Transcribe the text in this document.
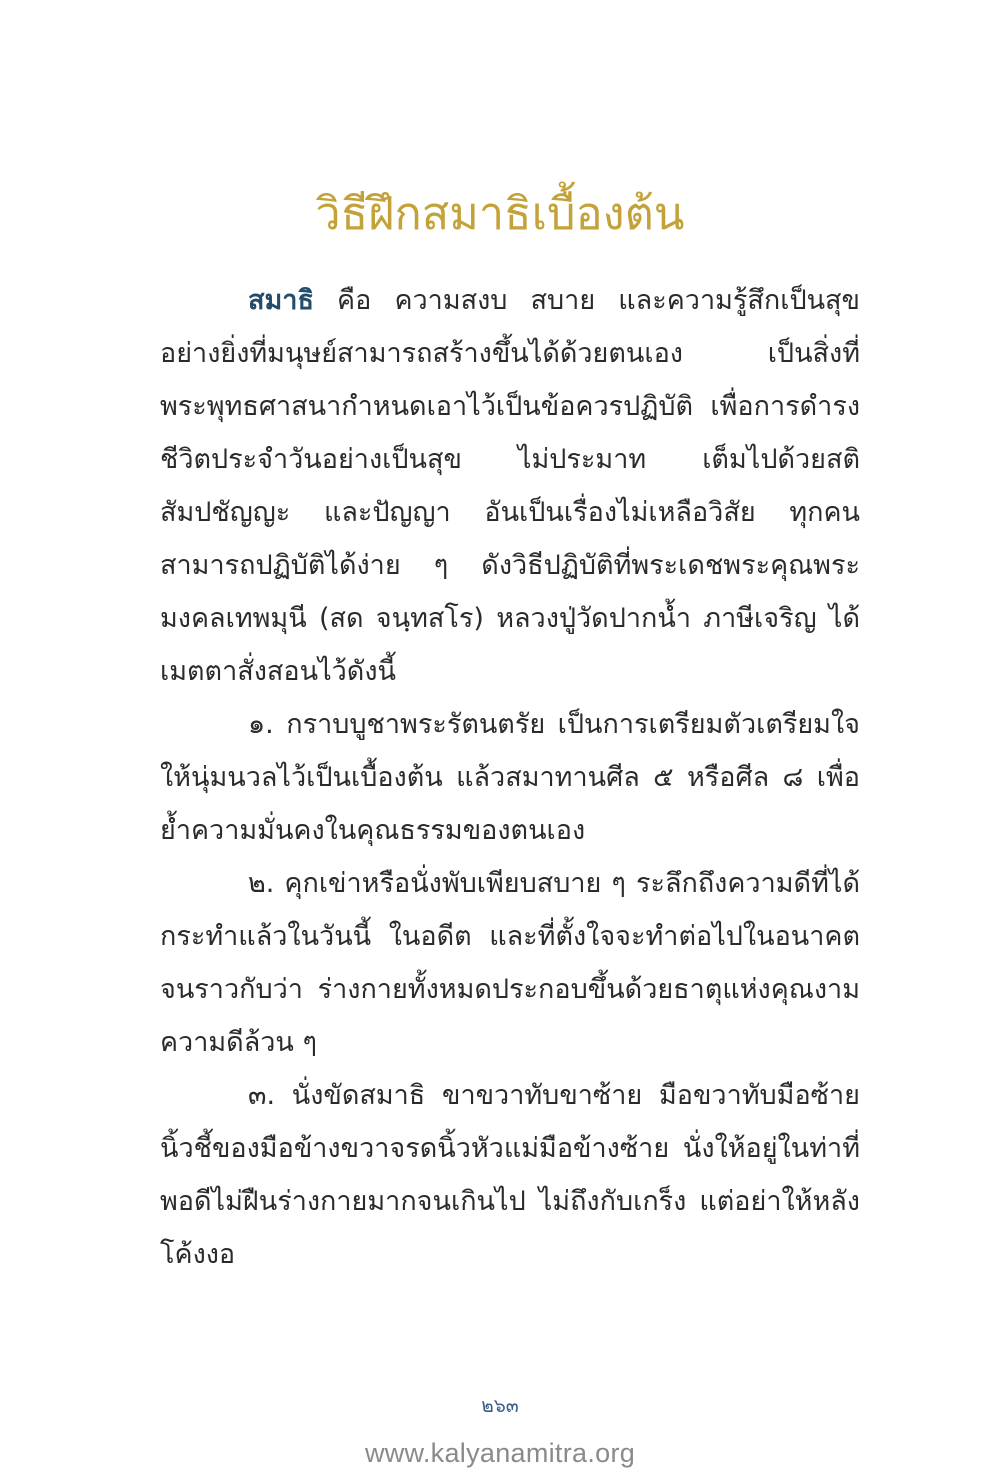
วิธีฝึกสมาธิเบื้องต้น

สมาธิ คือ ความสงบ สบาย และความรู้สึกเป็นสุขอย่างยิ่งที่มนุษย์สามารถสร้างขึ้นได้ด้วยตนเอง เป็นสิ่งที่พระพุทธศาสนากำหนดเอาไว้เป็นข้อควรปฏิบัติ เพื่อการดำรงชีวิตประจำวันอย่างเป็นสุข ไม่ประมาท เต็มไปด้วยสติ สัมปชัญญะ และปัญญา อันเป็นเรื่องไม่เหลือวิสัย ทุกคนสามารถปฏิบัติได้ง่าย ๆ ดังวิธีปฏิบัติที่พระเดชพระคุณพระมงคลเทพมุนี (สด จนฺทสโร) หลวงปู่วัดปากน้ำ ภาษีเจริญ ได้เมตตาสั่งสอนไว้ดังนี้

๑. กราบบูชาพระรัตนตรัย เป็นการเตรียมตัวเตรียมใจให้นุ่มนวลไว้เป็นเบื้องต้น แล้วสมาทานศีล ๕ หรือศีล ๘ เพื่อย้ำความมั่นคงในคุณธรรมของตนเอง

๒. คุกเข่าหรือนั่งพับเพียบสบาย ๆ ระลึกถึงความดีที่ได้กระทำแล้วในวันนี้ ในอดีต และที่ตั้งใจจะทำต่อไปในอนาคต จนราวกับว่า ร่างกายทั้งหมดประกอบขึ้นด้วยธาตุแห่งคุณงามความดีล้วน ๆ

๓. นั่งขัดสมาธิ ขาขวาทับขาซ้าย มือขวาทับมือซ้าย นิ้วชี้ของมือข้างขวาจรดนิ้วหัวแม่มือข้างซ้าย นั่งให้อยู่ในท่าที่พอดีไม่ฝืนร่างกายมากจนเกินไป ไม่ถึงกับเกร็ง แต่อย่าให้หลังโค้งงอ

๒๖๓
www.kalyanamitra.org
